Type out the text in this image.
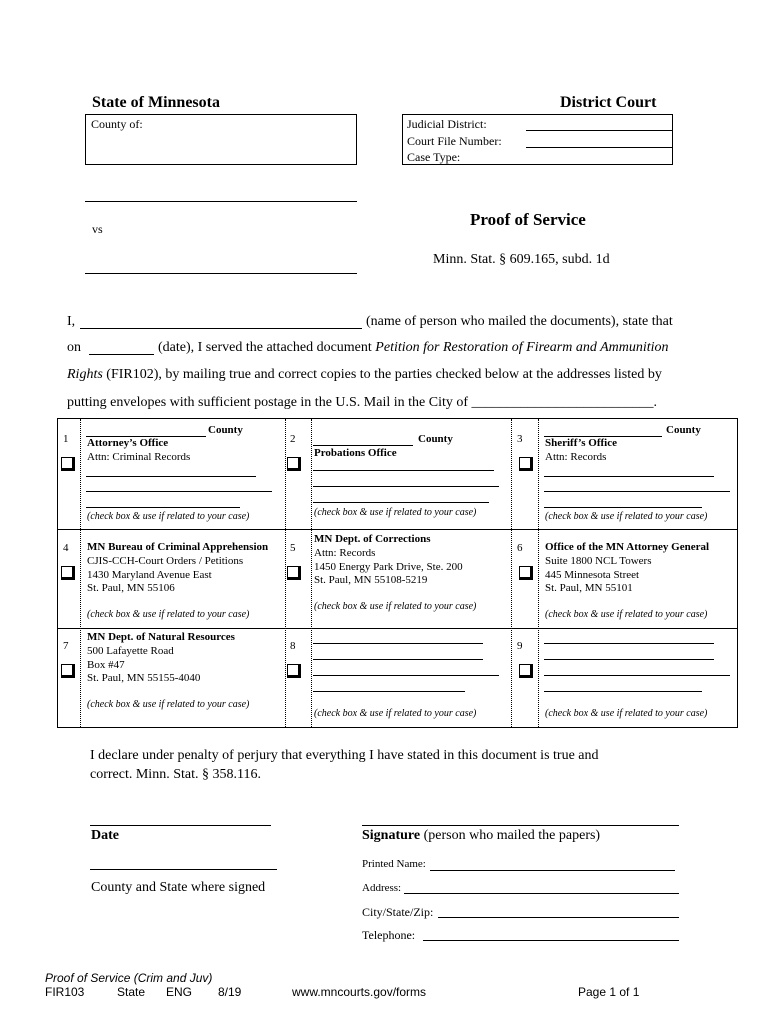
State of Minnesota	District Court
County of:	Judicial District:
Court File Number:
Case Type:
vs	Proof of Service
Minn. Stat. § 609.165, subd. 1d
I,	(name of person who mailed the documents), state that
on	(date), I served the attached document Petition for Restoration of Firearm and Ammunition
Rights (FIR102), by mailing true and correct copies to the parties checked below at the addresses listed by
putting envelopes with sufficient postage in the U.S. Mail in the City of __________________________.
1
County
Attorney’s Office
Attn: Criminal Records
(check box & use if related to your case)
2	County
Probations Office
(check box & use if related to your case)
3
County
Sheriff’s Office
Attn: Records
(check box & use if related to your case)
4 MN Bureau of Criminal Apprehension
CJIS-CCH-Court Orders / Petitions
1430 Maryland Avenue East
St. Paul, MN 55106
(check box & use if related to your case)
5
MN Dept. of Corrections
Attn: Records
1450 Energy Park Drive, Ste. 200
St. Paul, MN 55108-5219
(check box & use if related to your case)
6 Office of the MN Attorney General
Suite 1800 NCL Towers
445 Minnesota Street
St. Paul, MN 55101
(check box & use if related to your case)
7
MN Dept. of Natural Resources
500 Lafayette Road
Box #47
St. Paul, MN 55155-4040
(check box & use if related to your case)
8
(check box & use if related to your case)
9
(check box & use if related to your case)
I declare under penalty of perjury that everything I have stated in this document is true and
correct. Minn. Stat. § 358.116.
Date	Signature (person who mailed the papers)
County and State where signed
Printed Name:
Address:
City/State/Zip:
Telephone:
Proof of Service (Crim and Juv)
FIR103	State ENG 8/19	www.mncourts.gov/forms	Page 1 of 1
